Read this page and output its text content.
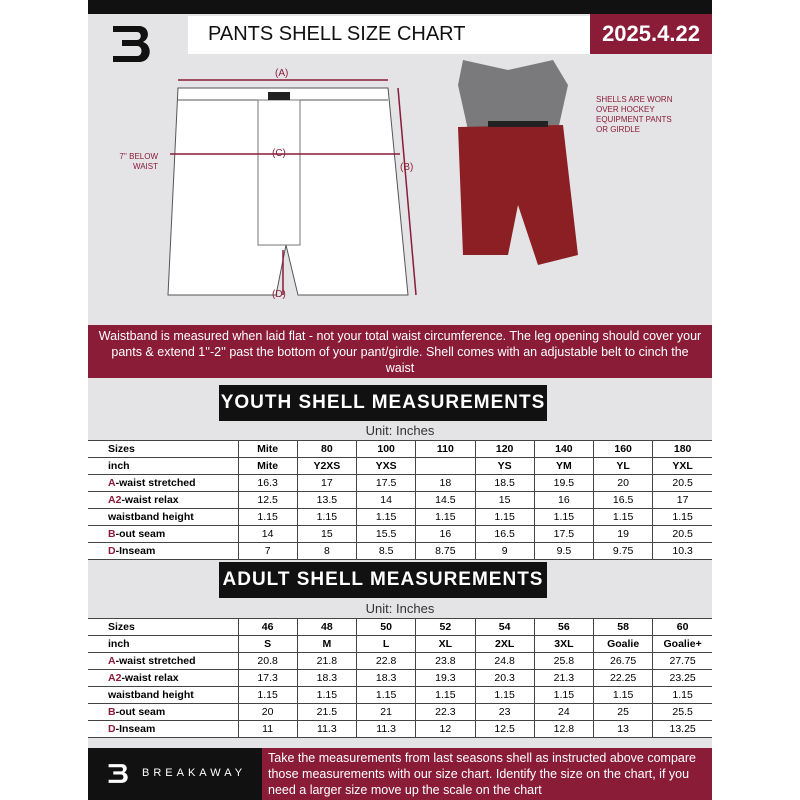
PANTS SHELL SIZE CHART	2025.4.22
(A)
(B)
(C)
(D)
7'' BELOW
WAIST
SHELLS ARE WORN
OVER HOCKEY
EQUIPMENT PANTS
OR GIRDLE
Waistband is measured when laid flat - not your total waist circumference. The leg opening should cover your pants & extend 1''-2'' past the bottom of your pant/girdle. Shell comes with an adjustable belt to cinch the waist
YOUTH SHELL MEASUREMENTS
Unit: Inches
Sizes	Mite	80	100	110	120	140	160	180
inch	Mite	Y2XS	YXS		YS	YM	YL	YXL
A-waist stretched	16.3	17	17.5	18	18.5	19.5	20	20.5
A2-waist relax	12.5	13.5	14	14.5	15	16	16.5	17
waistband height	1.15	1.15	1.15	1.15	1.15	1.15	1.15	1.15
B-out seam	14	15	15.5	16	16.5	17.5	19	20.5
D-Inseam	7	8	8.5	8.75	9	9.5	9.75	10.3
ADULT SHELL MEASUREMENTS
Unit: Inches
Sizes	46	48	50	52	54	56	58	60
inch	S	M	L	XL	2XL	3XL	Goalie	Goalie+
A-waist stretched	20.8	21.8	22.8	23.8	24.8	25.8	26.75	27.75
A2-waist relax	17.3	18.3	18.3	19.3	20.3	21.3	22.25	23.25
waistband height	1.15	1.15	1.15	1.15	1.15	1.15	1.15	1.15
B-out seam	20	21.5	21	22.3	23	24	25	25.5
D-Inseam	11	11.3	11.3	12	12.5	12.8	13	13.25
BREAKAWAY
Take the measurements from last seasons shell as instructed above compare those measurements with our size chart. Identify the size on the chart, if you need a larger size move up the scale on the chart
